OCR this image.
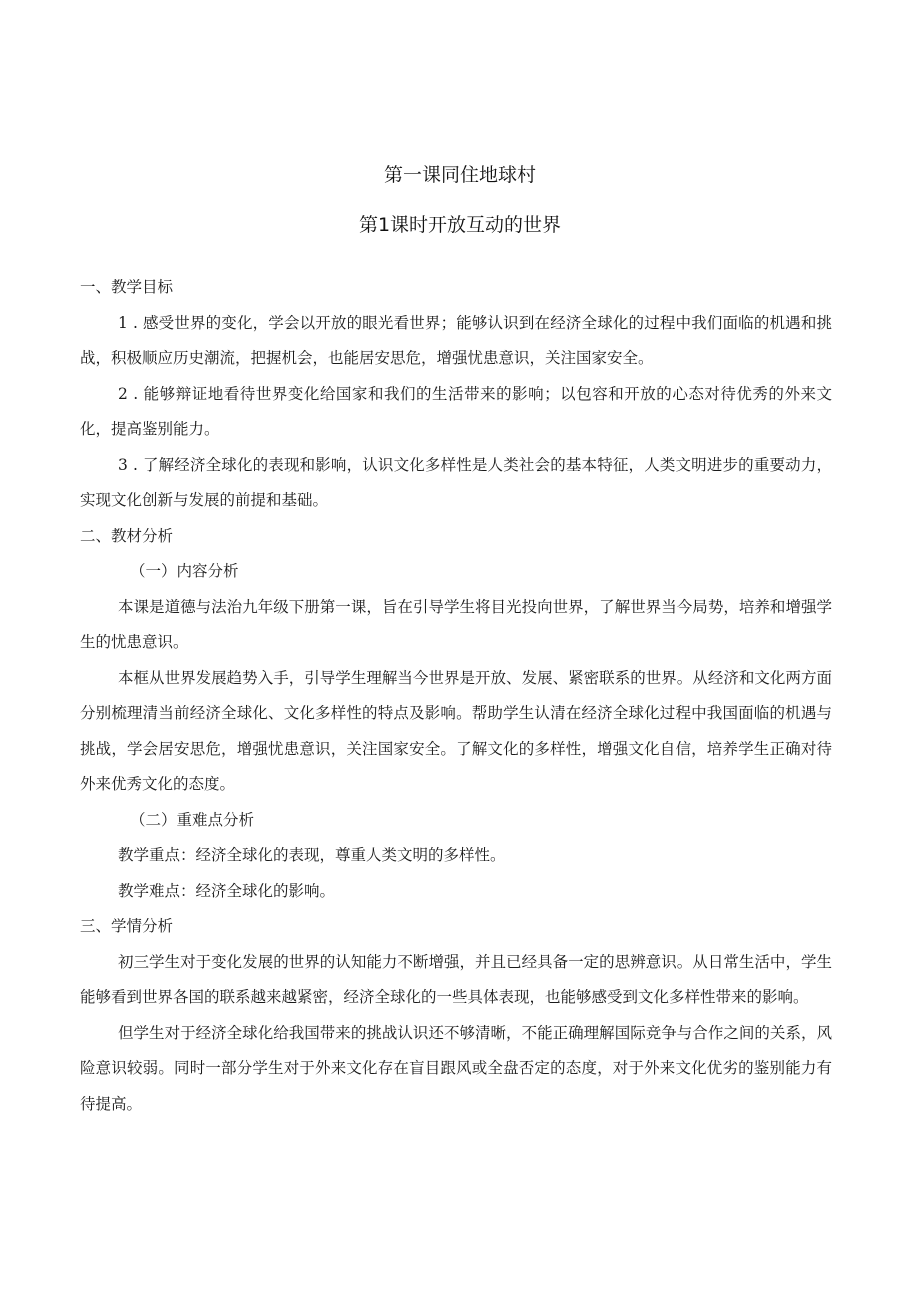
第一课同住地球村
第1课时开放互动的世界

一、教学目标

1 . 感受世界的变化，学会以开放的眼光看世界；能够认识到在经济全球化的过程中我们面临的机遇和挑战，积极顺应历史潮流，把握机会，也能居安思危，增强忧患意识，关注国家安全。

2 . 能够辩证地看待世界变化给国家和我们的生活带来的影响；以包容和开放的心态对待优秀的外来文化，提高鉴别能力。

3 . 了解经济全球化的表现和影响，认识文化多样性是人类社会的基本特征，人类文明进步的重要动力，实现文化创新与发展的前提和基础。

二、教材分析

（一）内容分析

本课是道德与法治九年级下册第一课，旨在引导学生将目光投向世界，了解世界当今局势，培养和增强学生的忧患意识。

本框从世界发展趋势入手，引导学生理解当今世界是开放、发展、紧密联系的世界。从经济和文化两方面分别梳理清当前经济全球化、文化多样性的特点及影响。帮助学生认清在经济全球化过程中我国面临的机遇与挑战，学会居安思危，增强忧患意识，关注国家安全。了解文化的多样性，增强文化自信，培养学生正确对待外来优秀文化的态度。

（二）重难点分析

教学重点：经济全球化的表现，尊重人类文明的多样性。

教学难点：经济全球化的影响。

三、学情分析

初三学生对于变化发展的世界的认知能力不断增强，并且已经具备一定的思辨意识。从日常生活中，学生能够看到世界各国的联系越来越紧密，经济全球化的一些具体表现，也能够感受到文化多样性带来的影响。

但学生对于经济全球化给我国带来的挑战认识还不够清晰，不能正确理解国际竞争与合作之间的关系，风险意识较弱。同时一部分学生对于外来文化存在盲目跟风或全盘否定的态度，对于外来文化优劣的鉴别能力有待提高。
